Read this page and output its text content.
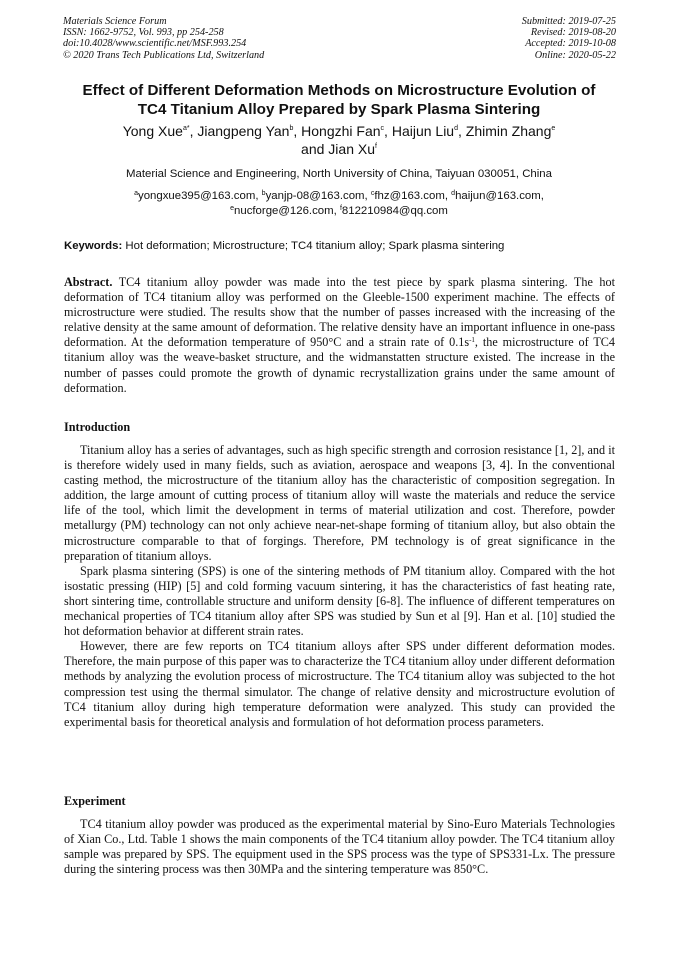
Materials Science Forum
ISSN: 1662-9752, Vol. 993, pp 254-258
doi:10.4028/www.scientific.net/MSF.993.254
© 2020 Trans Tech Publications Ltd, Switzerland
Submitted: 2019-07-25
Revised: 2019-08-20
Accepted: 2019-10-08
Online: 2020-05-22
Effect of Different Deformation Methods on Microstructure Evolution of
TC4 Titanium Alloy Prepared by Spark Plasma Sintering
Yong Xue$^{a*}$, Jiangpeng Yan$^b$, Hongzhi Fan$^c$, Haijun Liu$^d$, Zhimin Zhang$^e$
and Jian Xu$^f$
Material Science and Engineering, North University of China, Taiyuan 030051, China
$^a$yongxue395@163.com, $^b$yanjp-08@163.com, $^c$fhz@163.com, $^d$haijun@163.com,
$^e$nucforge@126.com, $^f$812210984@qq.com
Keywords: Hot deformation; Microstructure; TC4 titanium alloy; Spark plasma sintering

Abstract. TC4 titanium alloy powder was made into the test piece by spark plasma sintering. The hot deformation of TC4 titanium alloy was performed on the Gleeble-1500 experiment machine. The effects of microstructure were studied. The results show that the number of passes increased with the increasing of the relative density at the same amount of deformation. The relative density have an important influence in one-pass deformation. At the deformation temperature of 950°C and a strain rate of $0.1s^{-1}$, the microstructure of TC4 titanium alloy was the weave-basket structure, and the widmanstatten structure existed. The increase in the number of passes could promote the growth of dynamic recrystallization grains under the same amount of deformation.

Introduction

Titanium alloy has a series of advantages, such as high specific strength and corrosion resistance [1, 2], and it is therefore widely used in many fields, such as aviation, aerospace and weapons [3, 4]. In the conventional casting method, the microstructure of the titanium alloy has the characteristic of composition segregation. In addition, the large amount of cutting process of titanium alloy will waste the materials and reduce the service life of the tool, which limit the development in terms of material utilization and cost. Therefore, powder metallurgy (PM) technology can not only achieve near-net-shape forming of titanium alloy, but also obtain the microstructure comparable to that of forgings. Therefore, PM technology is of great significance in the preparation of titanium alloys.

Spark plasma sintering (SPS) is one of the sintering methods of PM titanium alloy. Compared with the hot isostatic pressing (HIP) [5] and cold forming vacuum sintering, it has the characteristics of fast heating rate, short sintering time, controllable structure and uniform density [6-8]. The influence of different temperatures on mechanical properties of TC4 titanium alloy after SPS was studied by Sun et al [9]. Han et al. [10] studied the hot deformation behavior at different strain rates.

However, there are few reports on TC4 titanium alloys after SPS under different deformation modes. Therefore, the main purpose of this paper was to characterize the TC4 titanium alloy under different deformation methods by analyzing the evolution process of microstructure. The TC4 titanium alloy was subjected to the hot compression test using the thermal simulator. The change of relative density and microstructure evolution of TC4 titanium alloy during high temperature deformation were analyzed. This study can provided the experimental basis for theoretical analysis and formulation of hot deformation process parameters.

Experiment

TC4 titanium alloy powder was produced as the experimental material by Sino-Euro Materials Technologies of Xian Co., Ltd. Table 1 shows the main components of the TC4 titanium alloy powder. The TC4 titanium alloy sample was prepared by SPS. The equipment used in the SPS process was the type of SPS331-Lx. The pressure during the sintering process was then 30MPa and the sintering temperature was 850°C.
